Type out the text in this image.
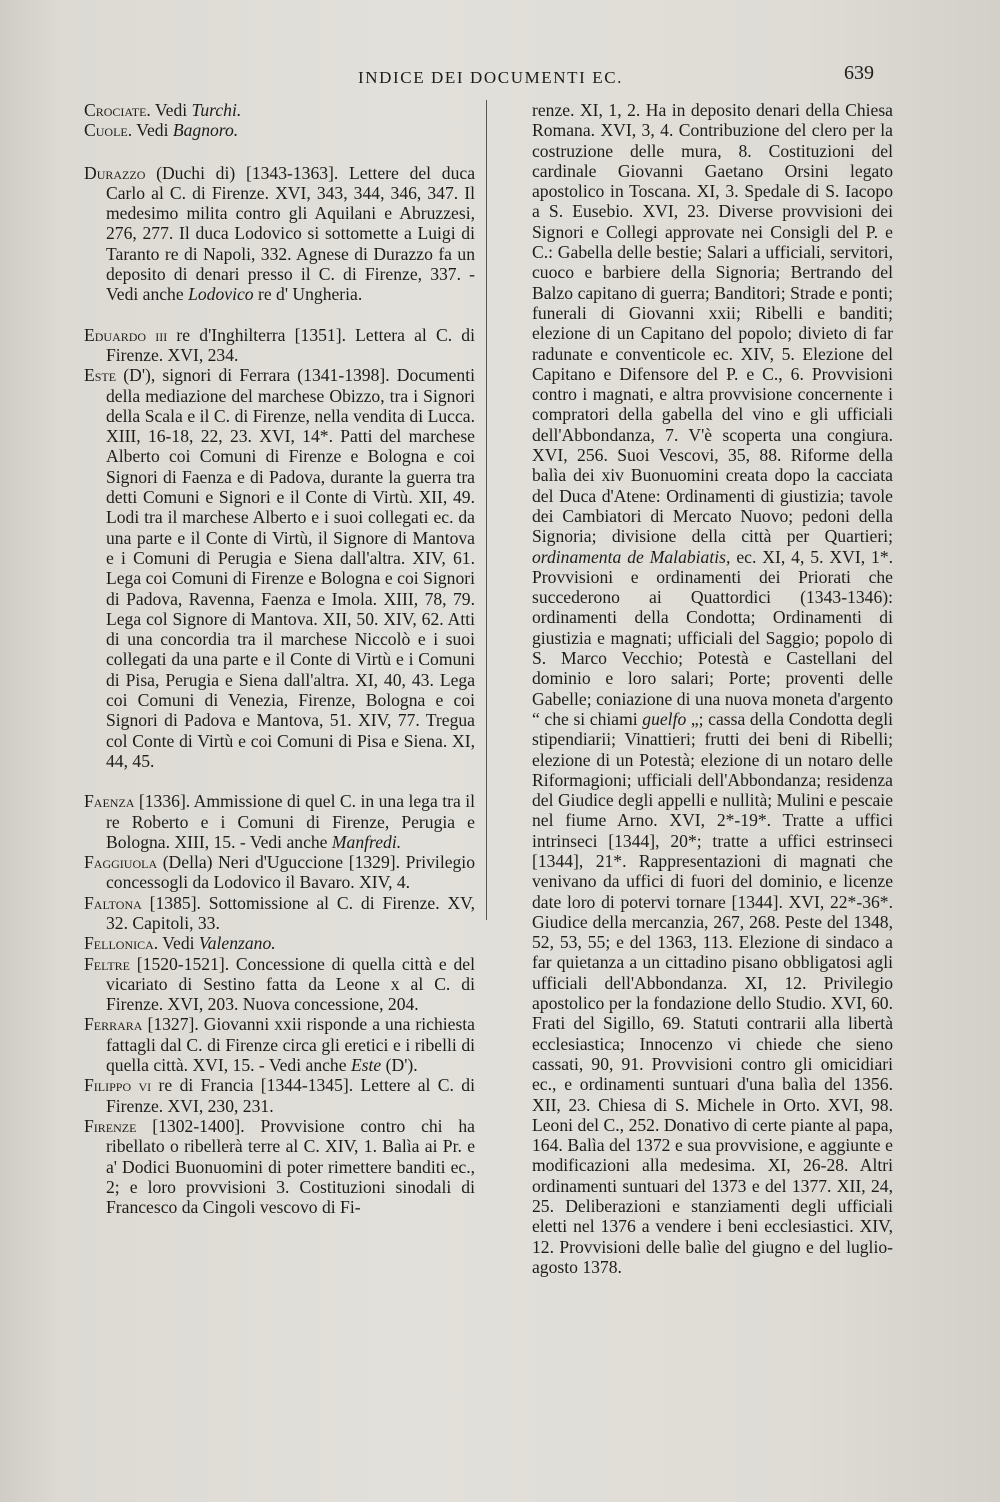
INDICE DEI DOCUMENTI EC.	639

Crociate. Vedi Turchi.

Cuole. Vedi Bagnoro.

Durazzo (Duchi di) [1343-1363]. Lettere del duca Carlo al C. di Firenze. XVI, 343, 344, 346, 347. Il medesimo milita contro gli Aquilani e Abruzzesi, 276, 277. Il duca Lodovico si sottomette a Luigi di Taranto re di Napoli, 332. Agnese di Durazzo fa un deposito di denari presso il C. di Firenze, 337. - Vedi anche Lodovico re d' Ungheria.

Eduardo iii re d'Inghilterra [1351]. Lettera al C. di Firenze. XVI, 234.

Este (D'), signori di Ferrara (1341-1398]. Documenti della mediazione del marchese Obizzo, tra i Signori della Scala e il C. di Firenze, nella vendita di Lucca. XIII, 16-18, 22, 23. XVI, 14*. Patti del marchese Alberto coi Comuni di Firenze e Bologna e coi Signori di Faenza e di Padova, durante la guerra tra detti Comuni e Signori e il Conte di Virtù. XII, 49. Lodi tra il marchese Alberto e i suoi collegati ec. da una parte e il Conte di Virtù, il Signore di Mantova e i Comuni di Perugia e Siena dall'altra. XIV, 61. Lega coi Comuni di Firenze e Bologna e coi Signori di Padova, Ravenna, Faenza e Imola. XIII, 78, 79. Lega col Signore di Mantova. XII, 50. XIV, 62. Atti di una concordia tra il marchese Niccolò e i suoi collegati da una parte e il Conte di Virtù e i Comuni di Pisa, Perugia e Siena dall'altra. XI, 40, 43. Lega coi Comuni di Venezia, Firenze, Bologna e coi Signori di Padova e Mantova, 51. XIV, 77. Tregua col Conte di Virtù e coi Comuni di Pisa e Siena. XI, 44, 45.

Faenza [1336]. Ammissione di quel C. in una lega tra il re Roberto e i Comuni di Firenze, Perugia e Bologna. XIII, 15. - Vedi anche Manfredi.

Faggiuola (Della) Neri d'Uguccione [1329]. Privilegio concessogli da Lodovico il Bavaro. XIV, 4.

Faltona [1385]. Sottomissione al C. di Firenze. XV, 32. Capitoli, 33.

Fellonica. Vedi Valenzano.

Feltre [1520-1521]. Concessione di quella città e del vicariato di Sestino fatta da Leone x al C. di Firenze. XVI, 203. Nuova concessione, 204.

Ferrara [1327]. Giovanni xxii risponde a una richiesta fattagli dal C. di Firenze circa gli eretici e i ribelli di quella città. XVI, 15. - Vedi anche Este (D').

Filippo vi re di Francia [1344-1345]. Lettere al C. di Firenze. XVI, 230, 231.

Firenze [1302-1400]. Provvisione contro chi ha ribellato o ribellerà terre al C. XIV, 1. Balìa ai Pr. e a' Dodici Buonuomini di poter rimettere banditi ec., 2; e loro provvisioni 3. Costituzioni sinodali di Francesco da Cingoli vescovo di Fi-

renze. XI, 1, 2. Ha in deposito denari della Chiesa Romana. XVI, 3, 4. Contribuzione del clero per la costruzione delle mura, 8. Costituzioni del cardinale Giovanni Gaetano Orsini legato apostolico in Toscana. XI, 3. Spedale di S. Iacopo a S. Eusebio. XVI, 23. Diverse provvisioni dei Signori e Collegi approvate nei Consigli del P. e C.: Gabella delle bestie; Salari a ufficiali, servitori, cuoco e barbiere della Signoria; Bertrando del Balzo capitano di guerra; Banditori; Strade e ponti; funerali di Giovanni xxii; Ribelli e banditi; elezione di un Capitano del popolo; divieto di far radunate e conventicole ec. XIV, 5. Elezione del Capitano e Difensore del P. e C., 6. Provvisioni contro i magnati, e altra provvisione concernente i compratori della gabella del vino e gli ufficiali dell'Abbondanza, 7. V'è scoperta una congiura. XVI, 256. Suoi Vescovi, 35, 88. Riforme della balìa dei xiv Buonuomini creata dopo la cacciata del Duca d'Atene: Ordinamenti di giustizia; tavole dei Cambiatori di Mercato Nuovo; pedoni della Signoria; divisione della città per Quartieri; ordinamenta de Malabiatis, ec. XI, 4, 5. XVI, 1*. Provvisioni e ordinamenti dei Priorati che succederono ai Quattordici (1343-1346): ordinamenti della Condotta; Ordinamenti di giustizia e magnati; ufficiali del Saggio; popolo di S. Marco Vecchio; Potestà e Castellani del dominio e loro salari; Porte; proventi delle Gabelle; coniazione di una nuova moneta d'argento “ che si chiami guelfo „; cassa della Condotta degli stipendiarii; Vinattieri; frutti dei beni di Ribelli; elezione di un Potestà; elezione di un notaro delle Riformagioni; ufficiali dell'Abbondanza; residenza del Giudice degli appelli e nullità; Mulini e pescaie nel fiume Arno. XVI, 2*-19*. Tratte a uffici intrinseci [1344], 20*; tratte a uffici estrinseci [1344], 21*. Rappresentazioni di magnati che venivano da uffici di fuori del dominio, e licenze date loro di potervi tornare [1344]. XVI, 22*-36*. Giudice della mercanzia, 267, 268. Peste del 1348, 52, 53, 55; e del 1363, 113. Elezione di sindaco a far quietanza a un cittadino pisano obbligatosi agli ufficiali dell'Abbondanza. XI, 12. Privilegio apostolico per la fondazione dello Studio. XVI, 60. Frati del Sigillo, 69. Statuti contrarii alla libertà ecclesiastica; Innocenzo vi chiede che sieno cassati, 90, 91. Provvisioni contro gli omicidiari ec., e ordinamenti suntuari d'una balìa del 1356. XII, 23. Chiesa di S. Michele in Orto. XVI, 98. Leoni del C., 252. Donativo di certe piante al papa, 164. Balìa del 1372 e sua provvisione, e aggiunte e modificazioni alla medesima. XI, 26-28. Altri ordinamenti suntuari del 1373 e del 1377. XII, 24, 25. Deliberazioni e stanziamenti degli ufficiali eletti nel 1376 a vendere i beni ecclesiastici. XIV, 12. Provvisioni delle balìe del giugno e del luglio-agosto 1378.
